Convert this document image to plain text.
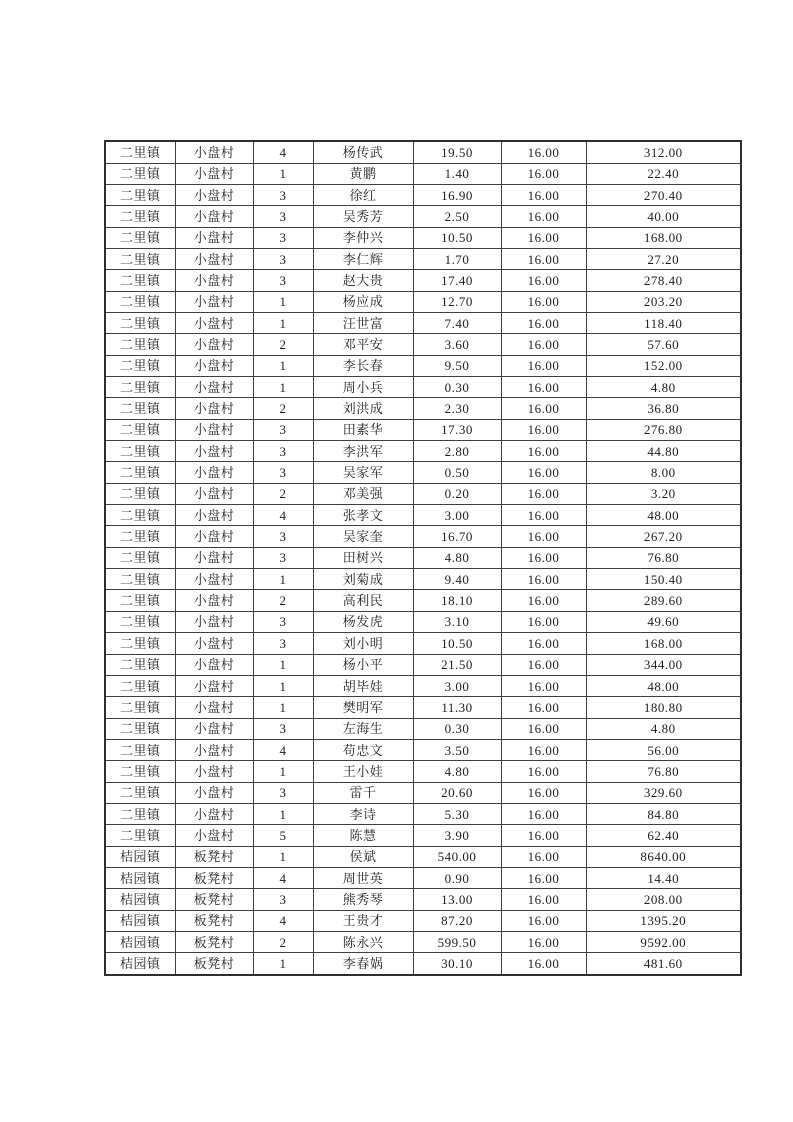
二里镇	小盘村	4	杨传武	19.50	16.00	312.00
二里镇	小盘村	1	黄鹏	1.40	16.00	22.40
二里镇	小盘村	3	徐红	16.90	16.00	270.40
二里镇	小盘村	3	吴秀芳	2.50	16.00	40.00
二里镇	小盘村	3	李仲兴	10.50	16.00	168.00
二里镇	小盘村	3	李仁辉	1.70	16.00	27.20
二里镇	小盘村	3	赵大贵	17.40	16.00	278.40
二里镇	小盘村	1	杨应成	12.70	16.00	203.20
二里镇	小盘村	1	汪世富	7.40	16.00	118.40
二里镇	小盘村	2	邓平安	3.60	16.00	57.60
二里镇	小盘村	1	李长春	9.50	16.00	152.00
二里镇	小盘村	1	周小兵	0.30	16.00	4.80
二里镇	小盘村	2	刘洪成	2.30	16.00	36.80
二里镇	小盘村	3	田素华	17.30	16.00	276.80
二里镇	小盘村	3	李洪军	2.80	16.00	44.80
二里镇	小盘村	3	吴家军	0.50	16.00	8.00
二里镇	小盘村	2	邓美强	0.20	16.00	3.20
二里镇	小盘村	4	张孝文	3.00	16.00	48.00
二里镇	小盘村	3	吴家奎	16.70	16.00	267.20
二里镇	小盘村	3	田树兴	4.80	16.00	76.80
二里镇	小盘村	1	刘菊成	9.40	16.00	150.40
二里镇	小盘村	2	高利民	18.10	16.00	289.60
二里镇	小盘村	3	杨发虎	3.10	16.00	49.60
二里镇	小盘村	3	刘小明	10.50	16.00	168.00
二里镇	小盘村	1	杨小平	21.50	16.00	344.00
二里镇	小盘村	1	胡毕娃	3.00	16.00	48.00
二里镇	小盘村	1	樊明军	11.30	16.00	180.80
二里镇	小盘村	3	左海生	0.30	16.00	4.80
二里镇	小盘村	4	苟忠文	3.50	16.00	56.00
二里镇	小盘村	1	王小娃	4.80	16.00	76.80
二里镇	小盘村	3	雷千	20.60	16.00	329.60
二里镇	小盘村	1	李诗	5.30	16.00	84.80
二里镇	小盘村	5	陈慧	3.90	16.00	62.40
桔园镇	板凳村	1	侯斌	540.00	16.00	8640.00
桔园镇	板凳村	4	周世英	0.90	16.00	14.40
桔园镇	板凳村	3	熊秀琴	13.00	16.00	208.00
桔园镇	板凳村	4	王贵才	87.20	16.00	1395.20
桔园镇	板凳村	2	陈永兴	599.50	16.00	9592.00
桔园镇	板凳村	1	李春娲	30.10	16.00	481.60
